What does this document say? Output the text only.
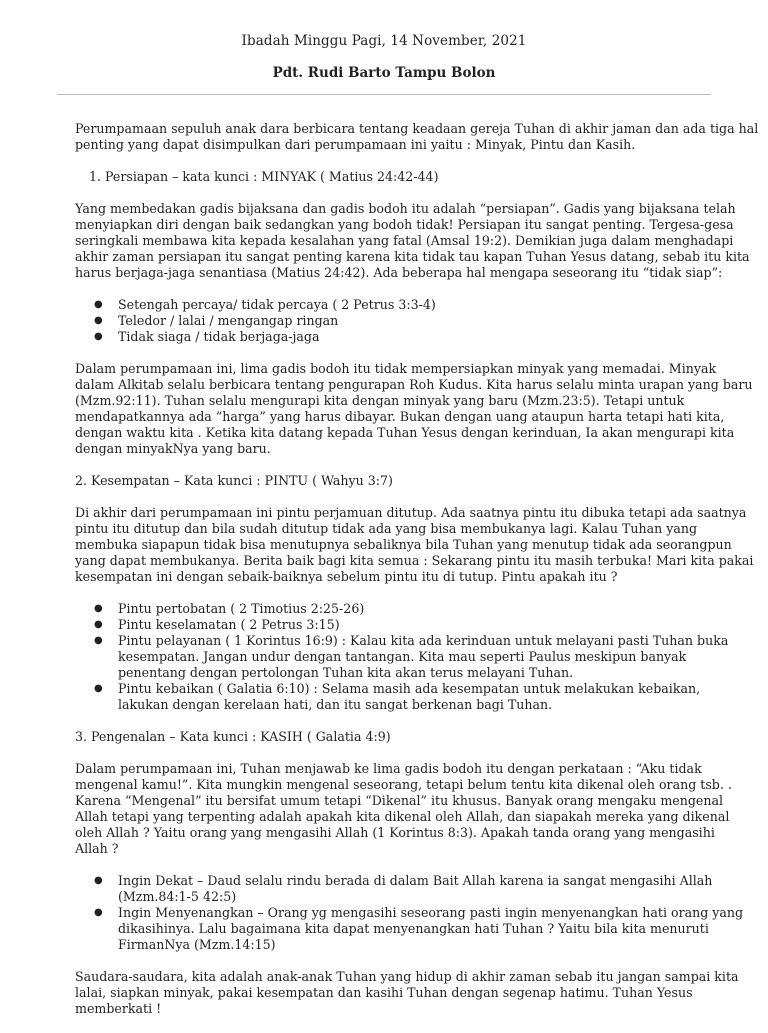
Ibadah Minggu Pagi, 14 November, 2021
Pdt. Rudi Barto Tampu Bolon
Perumpamaan sepuluh anak dara berbicara tentang keadaan gereja Tuhan di akhir jaman dan ada tiga hal
penting yang dapat disimpulkan dari perumpamaan ini yaitu : Minyak, Pintu dan Kasih.
1. Persiapan – kata kunci : MINYAK ( Matius 24:42-44)
Yang membedakan gadis bijaksana dan gadis bodoh itu adalah “persiapan”. Gadis yang bijaksana telah
menyiapkan diri dengan baik sedangkan yang bodoh tidak! Persiapan itu sangat penting. Tergesa-gesa
seringkali membawa kita kepada kesalahan yang fatal (Amsal 19:2). Demikian juga dalam menghadapi
akhir zaman persiapan itu sangat penting karena kita tidak tau kapan Tuhan Yesus datang, sebab itu kita
harus berjaga-jaga senantiasa (Matius 24:42). Ada beberapa hal mengapa seseorang itu “tidak siap”:
● Setengah percaya/ tidak percaya ( 2 Petrus 3:3-4)
● Teledor / lalai / mengangap ringan
● Tidak siaga / tidak berjaga-jaga
Dalam perumpamaan ini, lima gadis bodoh itu tidak mempersiapkan minyak yang memadai. Minyak
dalam Alkitab selalu berbicara tentang pengurapan Roh Kudus. Kita harus selalu minta urapan yang baru
(Mzm.92:11). Tuhan selalu mengurapi kita dengan minyak yang baru (Mzm.23:5). Tetapi untuk
mendapatkannya ada “harga” yang harus dibayar. Bukan dengan uang ataupun harta tetapi hati kita,
dengan waktu kita . Ketika kita datang kepada Tuhan Yesus dengan kerinduan, Ia akan mengurapi kita
dengan minyakNya yang baru.
2. Kesempatan – Kata kunci : PINTU ( Wahyu 3:7)
Di akhir dari perumpamaan ini pintu perjamuan ditutup. Ada saatnya pintu itu dibuka tetapi ada saatnya
pintu itu ditutup dan bila sudah ditutup tidak ada yang bisa membukanya lagi. Kalau Tuhan yang
membuka siapapun tidak bisa menutupnya sebaliknya bila Tuhan yang menutup tidak ada seorangpun
yang dapat membukanya. Berita baik bagi kita semua : Sekarang pintu itu masih terbuka! Mari kita pakai
kesempatan ini dengan sebaik-baiknya sebelum pintu itu di tutup. Pintu apakah itu ?
● Pintu pertobatan ( 2 Timotius 2:25-26)
● Pintu keselamatan ( 2 Petrus 3:15)
● Pintu pelayanan ( 1 Korintus 16:9) : Kalau kita ada kerinduan untuk melayani pasti Tuhan buka
kesempatan. Jangan undur dengan tantangan. Kita mau seperti Paulus meskipun banyak
penentang dengan pertolongan Tuhan kita akan terus melayani Tuhan.
● Pintu kebaikan ( Galatia 6:10) : Selama masih ada kesempatan untuk melakukan kebaikan,
lakukan dengan kerelaan hati, dan itu sangat berkenan bagi Tuhan.
3. Pengenalan – Kata kunci : KASIH ( Galatia 4:9)
Dalam perumpamaan ini, Tuhan menjawab ke lima gadis bodoh itu dengan perkataan : “Aku tidak
mengenal kamu!”. Kita mungkin mengenal seseorang, tetapi belum tentu kita dikenal oleh orang tsb. .
Karena “Mengenal” itu bersifat umum tetapi “Dikenal” itu khusus. Banyak orang mengaku mengenal
Allah tetapi yang terpenting adalah apakah kita dikenal oleh Allah, dan siapakah mereka yang dikenal
oleh Allah ? Yaitu orang yang mengasihi Allah (1 Korintus 8:3). Apakah tanda orang yang mengasihi
Allah ?
● Ingin Dekat – Daud selalu rindu berada di dalam Bait Allah karena ia sangat mengasihi Allah
(Mzm.84:1-5 42:5)
● Ingin Menyenangkan – Orang yg mengasihi seseorang pasti ingin menyenangkan hati orang yang
dikasihinya. Lalu bagaimana kita dapat menyenangkan hati Tuhan ? Yaitu bila kita menuruti
FirmanNya (Mzm.14:15)
Saudara-saudara, kita adalah anak-anak Tuhan yang hidup di akhir zaman sebab itu jangan sampai kita
lalai, siapkan minyak, pakai kesempatan dan kasihi Tuhan dengan segenap hatimu. Tuhan Yesus
memberkati !
